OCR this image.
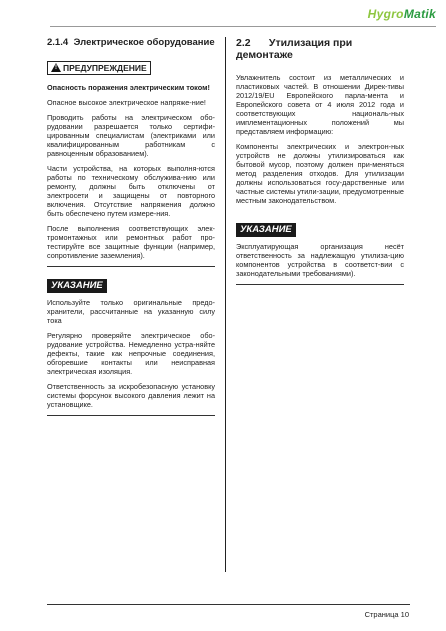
HygroMatik
2.1.4 Электрическое оборудование
! ПРЕДУПРЕЖДЕНИЕ

Опасность поражения электрическим током!

Опасное высокое электрическое напряже-ние!

Проводить работы на электрическом обо-рудовании разрешается только сертифи-цированным специалистам (электриками или квалифицированным работникам с равноценным образованием).

Части устройства, на которых выполня-ются работы по техническому обслужива-нию или ремонту, должны быть отключены от электросети и защищены от повторного включения. Отсутствие напряжения должно быть обеспечено путем измере-ния.

После выполнения соответствующих элек-тромонтажных или ремонтных работ про-тестируйте все защитные функции (например, сопротивление заземления).

УКАЗАНИЕ

Используйте только оригинальные предо-хранители, рассчитанные на указанную силу тока

Регулярно проверяйте электрическое обо-рудование устройства. Немедленно устра-няйте дефекты, такие как непрочные соединения, обгоревшие контакты или неисправная электрическая изоляция.

Ответственность за искробезопасную установку системы форсунок высокого давления лежит на установщике.

2.2 Утилизация при демонтаже

Увлажнитель состоит из металлических и пластиковых частей. В отношении Дирек-тивы 2012/19/EU Европейского парла-мента и Европейского совета от 4 июля 2012 года и соответствующих националь-ных имплементационных положений мы представляем информацию:

Компоненты электрических и электрон-ных устройств не должны утилизироваться как бытовой мусор, поэтому должен при-меняться метод разделения отходов. Для утилизации должны использоваться госу-дарственные или частные системы утили-зации, предусмотренные местным законодательством.

УКАЗАНИЕ

Эксплуатирующая организация несёт ответственность за надлежащую утилиза-цию компонентов устройства в соответст-вии с законодательными требованиями).

Страница 10
